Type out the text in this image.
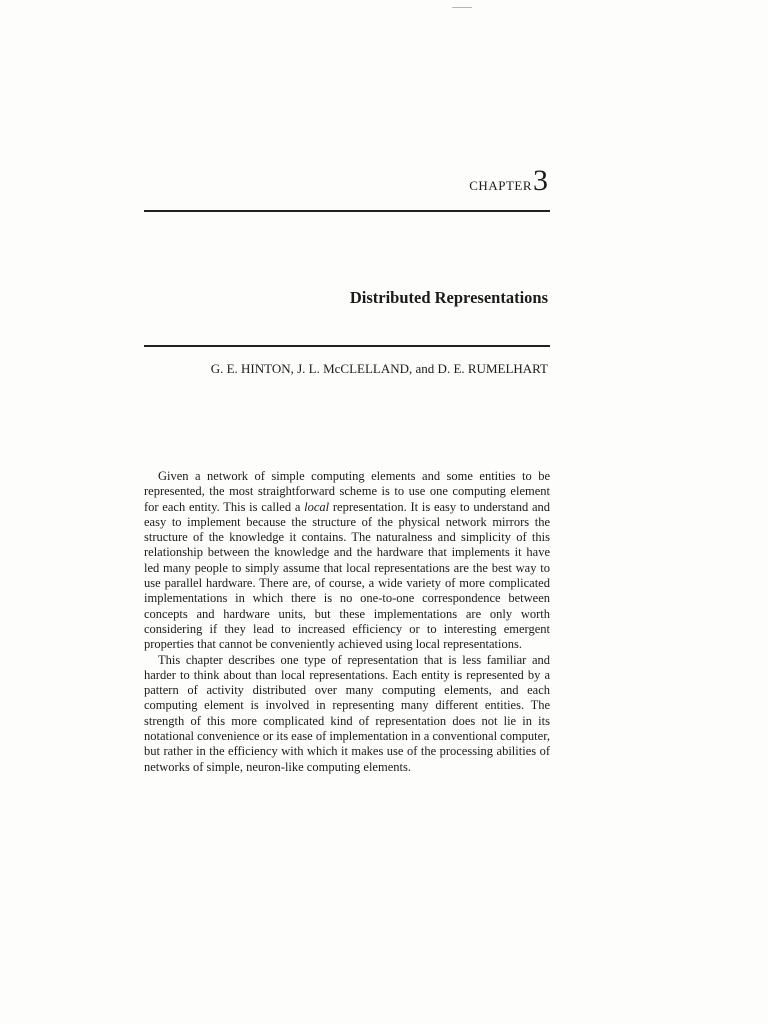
CHAPTER3
Distributed Representations
G. E. HINTON, J. L. McCLELLAND, and D. E. RUMELHART

Given a network of simple computing elements and some entities to be represented, the most straightforward scheme is to use one computing element for each entity. This is called a local representation. It is easy to understand and easy to implement because the structure of the physical network mirrors the structure of the knowledge it contains. The naturalness and simplicity of this relationship between the knowledge and the hardware that implements it have led many people to simply assume that local representations are the best way to use parallel hardware. There are, of course, a wide variety of more complicated implementations in which there is no one-to-one correspondence between concepts and hardware units, but these implementations are only worth considering if they lead to increased efficiency or to interesting emergent properties that cannot be conveniently achieved using local representations.

This chapter describes one type of representation that is less familiar and harder to think about than local representations. Each entity is represented by a pattern of activity distributed over many computing elements, and each computing element is involved in representing many different entities. The strength of this more complicated kind of representation does not lie in its notational convenience or its ease of implementation in a conventional computer, but rather in the efficiency with which it makes use of the processing abilities of networks of simple, neuron-like computing elements.
